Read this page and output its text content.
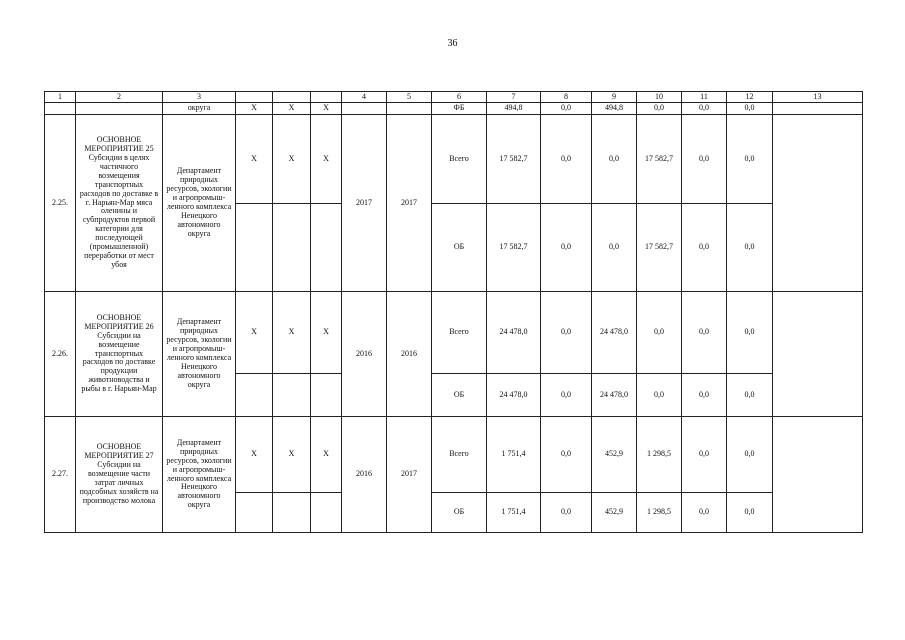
36
1	2	3				4	5	6	7	8	9	10	11	12	13
		округа	Х	Х	Х			ФБ	494,8	0,0	494,8	0,0	0,0	0,0	
2.25.	ОСНОВНОЕ МЕРОПРИЯТИЕ 25 Субсидии в целях частичного возмещения транспортных расходов по доставке в г. Нарьян-Мар мяса оленины и субпродуктов первой категории для последующей (промышленной) переработки от мест убоя	Департамент природных ресурсов, экологии и агропромыш-ленного комплекса Ненецкого автономного округа	Х	Х	Х	2017	2017	Всего	17 582,7	0,0	0,0	17 582,7	0,0	0,0	
								ОБ	17 582,7	0,0	0,0	17 582,7	0,0	0,0	
2.26.	ОСНОВНОЕ МЕРОПРИЯТИЕ 26 Субсидии на возмещение транспортных расходов по доставке продукции животноводства и рыбы в г. Нарьян-Мар	Департамент природных ресурсов, экологии и агропромыш-ленного комплекса Ненецкого автономного округа	Х	Х	Х	2016	2016	Всего	24 478,0	0,0	24 478,0	0,0	0,0	0,0	
								ОБ	24 478,0	0,0	24 478,0	0,0	0,0	0,0	
2.27.	ОСНОВНОЕ МЕРОПРИЯТИЕ 27 Субсидии на возмещение части затрат личных подсобных хозяйств на производство молока	Департамент природных ресурсов, экологии и агропромыш-ленного комплекса Ненецкого автономного округа	Х	Х	Х	2016	2017	Всего	1 751,4	0,0	452,9	1 298,5	0,0	0,0	
								ОБ	1 751,4	0,0	452,9	1 298,5	0,0	0,0	
